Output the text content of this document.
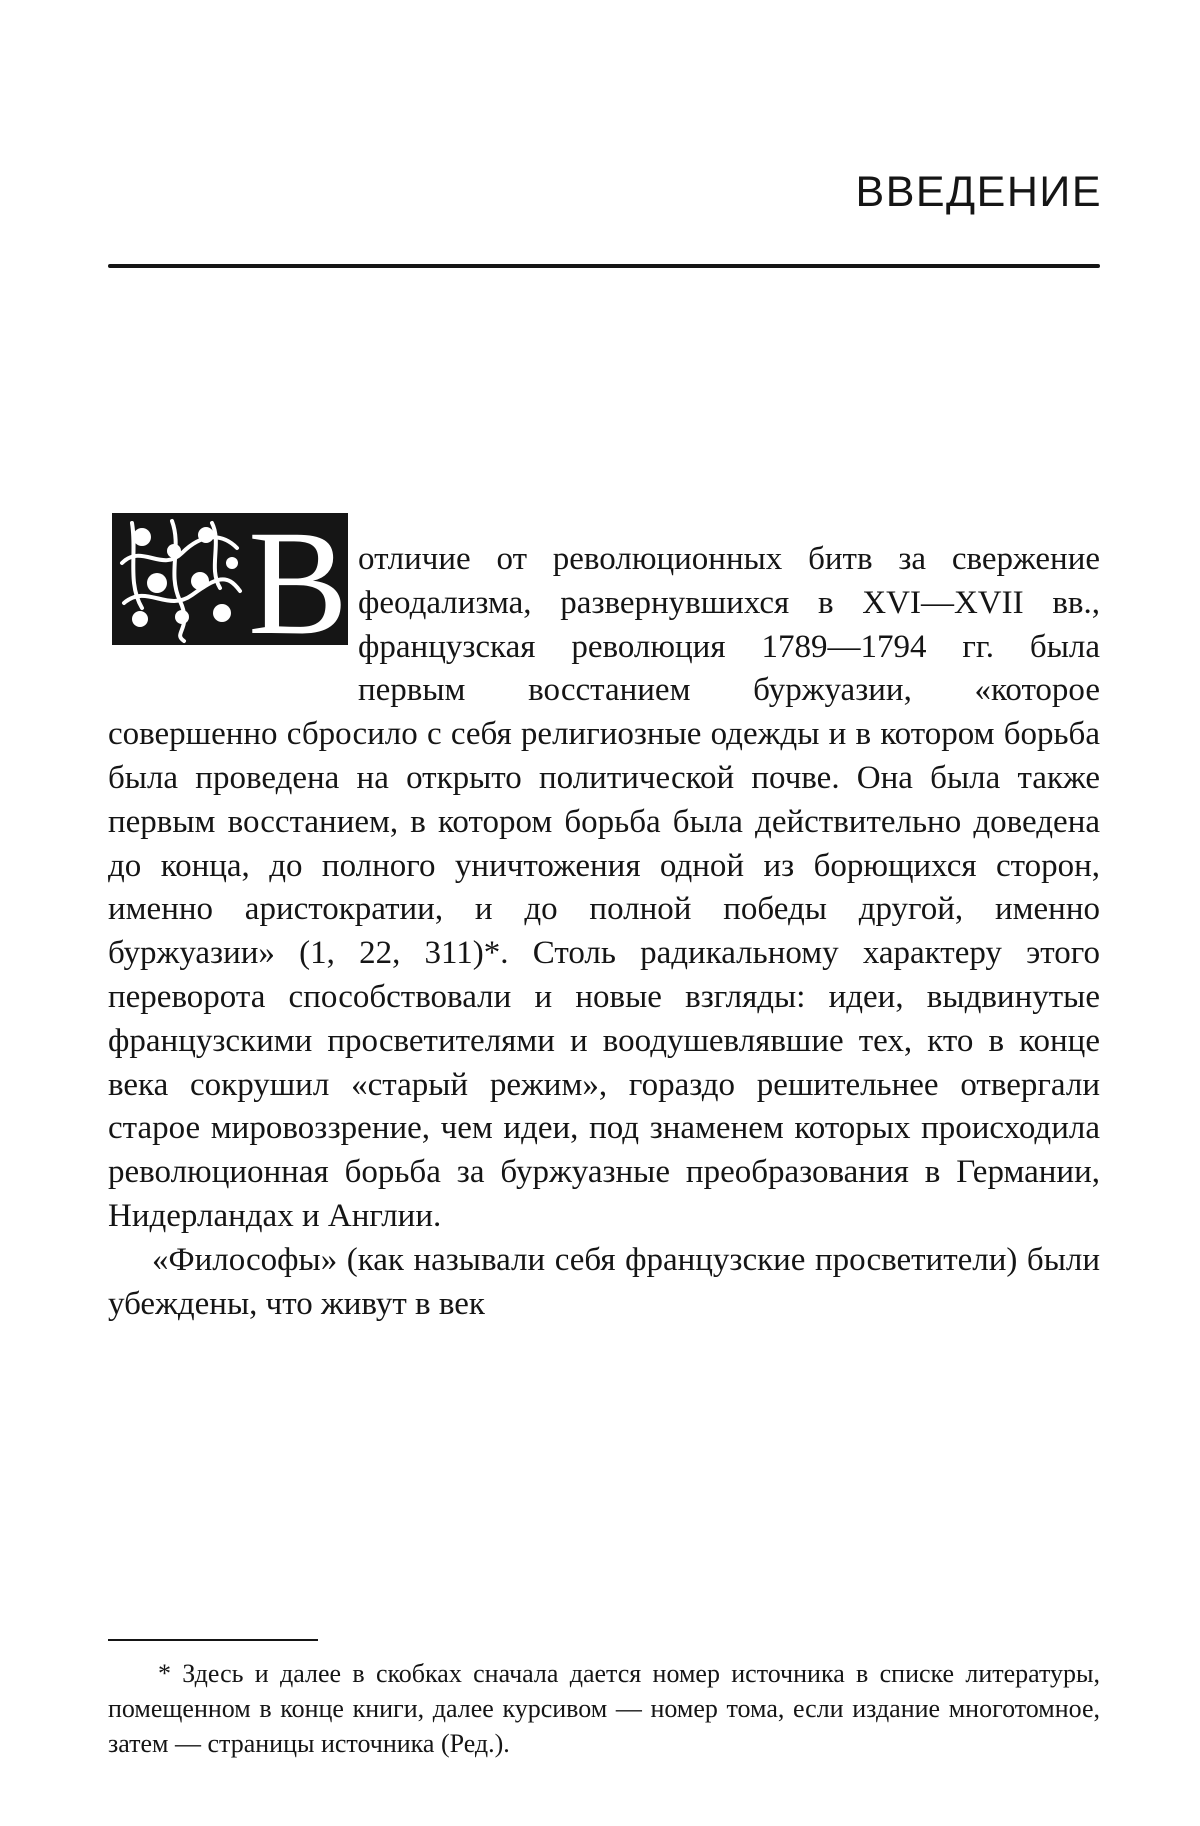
ВВЕДЕНИЕ
В отличие от революционных битв за свержение феодализма, развернувшихся в XVI—XVII вв., французская революция 1789—1794 гг. была первым восстанием буржуазии, «которое совершенно сбросило с себя религиозные одежды и в котором борьба была проведена на открыто политической почве. Она была также первым восстанием, в котором борьба была действительно доведена до конца, до полного уничтожения одной из борющихся сторон, именно аристократии, и до полной победы другой, именно буржуазии» (1, 22, 311)*. Столь радикальному характеру этого переворота способствовали и новые взгляды: идеи, выдвинутые французскими просветителями и воодушевлявшие тех, кто в конце века сокрушил «старый режим», гораздо решительнее отвергали старое мировоззрение, чем идеи, под знаменем которых происходила революционная борьба за буржуазные преобразования в Германии, Нидерландах и Англии.

«Философы» (как называли себя французские просветители) были убеждены, что живут в век

* Здесь и далее в скобках сначала дается номер источника в списке литературы, помещенном в конце книги, далее курсивом — номер тома, если издание многотомное, затем — страницы источника (Ред.).
